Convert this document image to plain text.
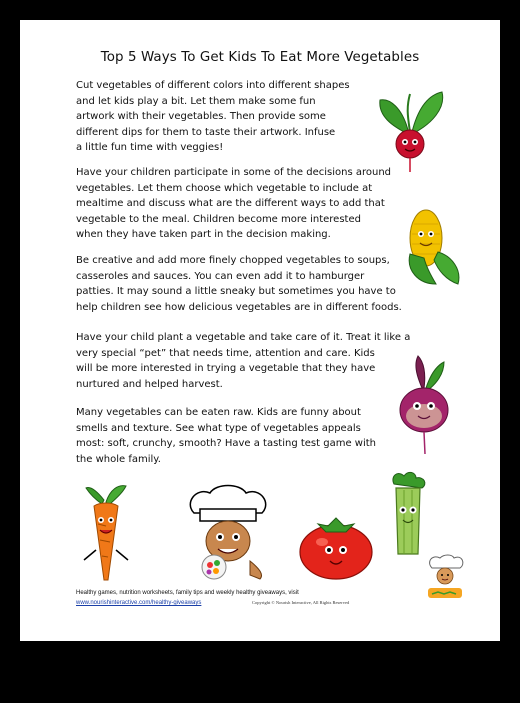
Top 5 Ways To Get Kids To Eat More Vegetables

Cut vegetables of different colors into different shapes
and let kids play a bit. Let them make some fun
artwork with their vegetables. Then provide some
different dips for them to taste their artwork. Infuse
a little fun time with veggies!

Have your children participate in some of the decisions around
vegetables. Let them choose which vegetable to include at
mealtime and discuss what are the different ways to add that
vegetable to the meal. Children become more interested
when they have taken part in the decision making.

Be creative and add more finely chopped vegetables to soups,
casseroles and sauces. You can even add it to hamburger
patties. It may sound a little sneaky but sometimes you have to
help children see how delicious vegetables are in different foods.

Have your child plant a vegetable and take care of it. Treat it like a
very special “pet” that needs time, attention and care. Kids
will be more interested in trying a vegetable that they have
nurtured and helped harvest.

Many vegetables can be eaten raw. Kids are funny about
smells and texture. See what type of vegetables appeals
most: soft, crunchy, smooth? Have a tasting test game with
the whole family.

Healthy games, nutrition worksheets, family tips and weekly healthy giveaways, visit
www.nourishinteractive.com/healthy-giveaways	Copyright © Nourish Interactive, All Rights Reserved
